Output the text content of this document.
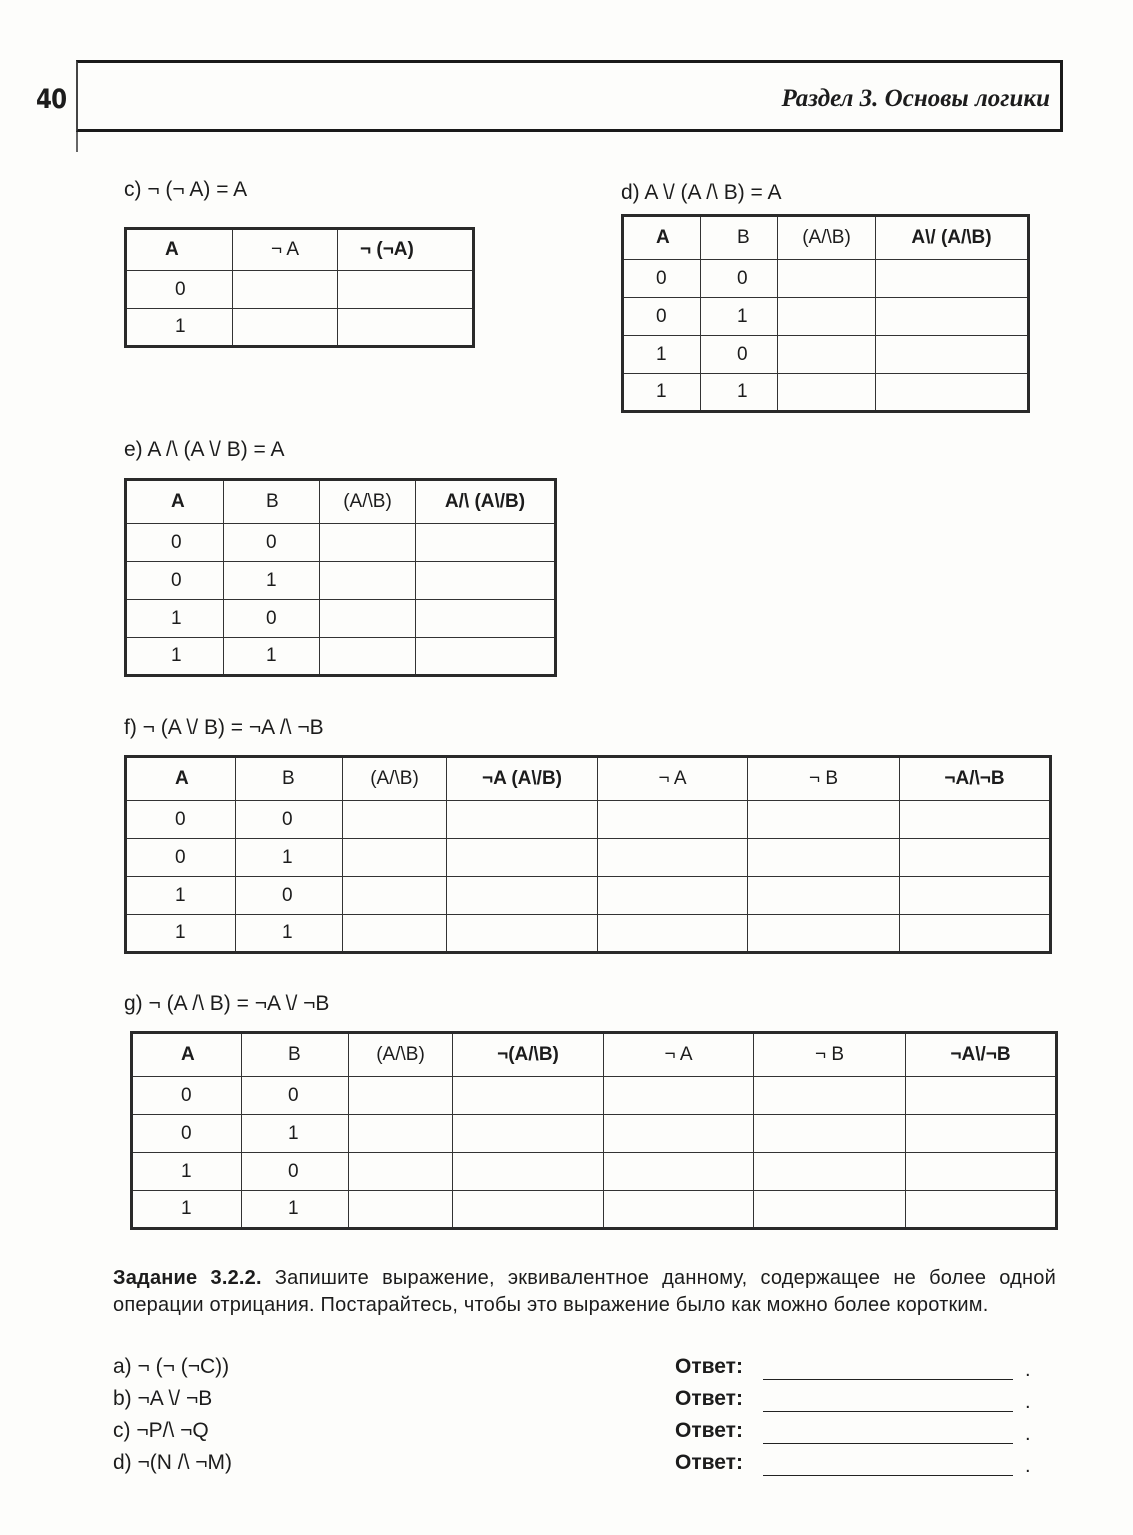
40	Раздел 3. Основы логики
c) ¬ (¬ A) = A
A	¬ A	¬ (¬A)
0		
1		
d) A \/ (A /\ B) = A
A	B	(A/\B)	A\/ (A/\B)
0	0		
0	1		
1	0		
1	1		
e) A /\ (A \/ B) = A
A	B	(A/\B)	A/\ (A\/B)
0	0		
0	1		
1	0		
1	1		
f) ¬ (A \/ B) = ¬A /\ ¬B
A	B	(A/\B)	¬A (A\/B)	¬ A	¬ B	¬A/\¬B
0	0					
0	1					
1	0					
1	1					
g) ¬ (A /\ B) = ¬A \/ ¬B
A	B	(A/\B)	¬(A/\B)	¬ A	¬ B	¬A\/¬B
0	0					
0	1					
1	0					
1	1					
Задание 3.2.2. Запишите выражение, эквивалентное данному, содержащее не более одной операции отрицания. Постарайтесь, чтобы это выражение было как можно более коротким.
a) ¬ (¬ (¬C))	Ответ:	.
b) ¬A \/ ¬B	Ответ:	.
c) ¬P/\ ¬Q	Ответ:	.
d) ¬(N /\ ¬M)	Ответ:	.
